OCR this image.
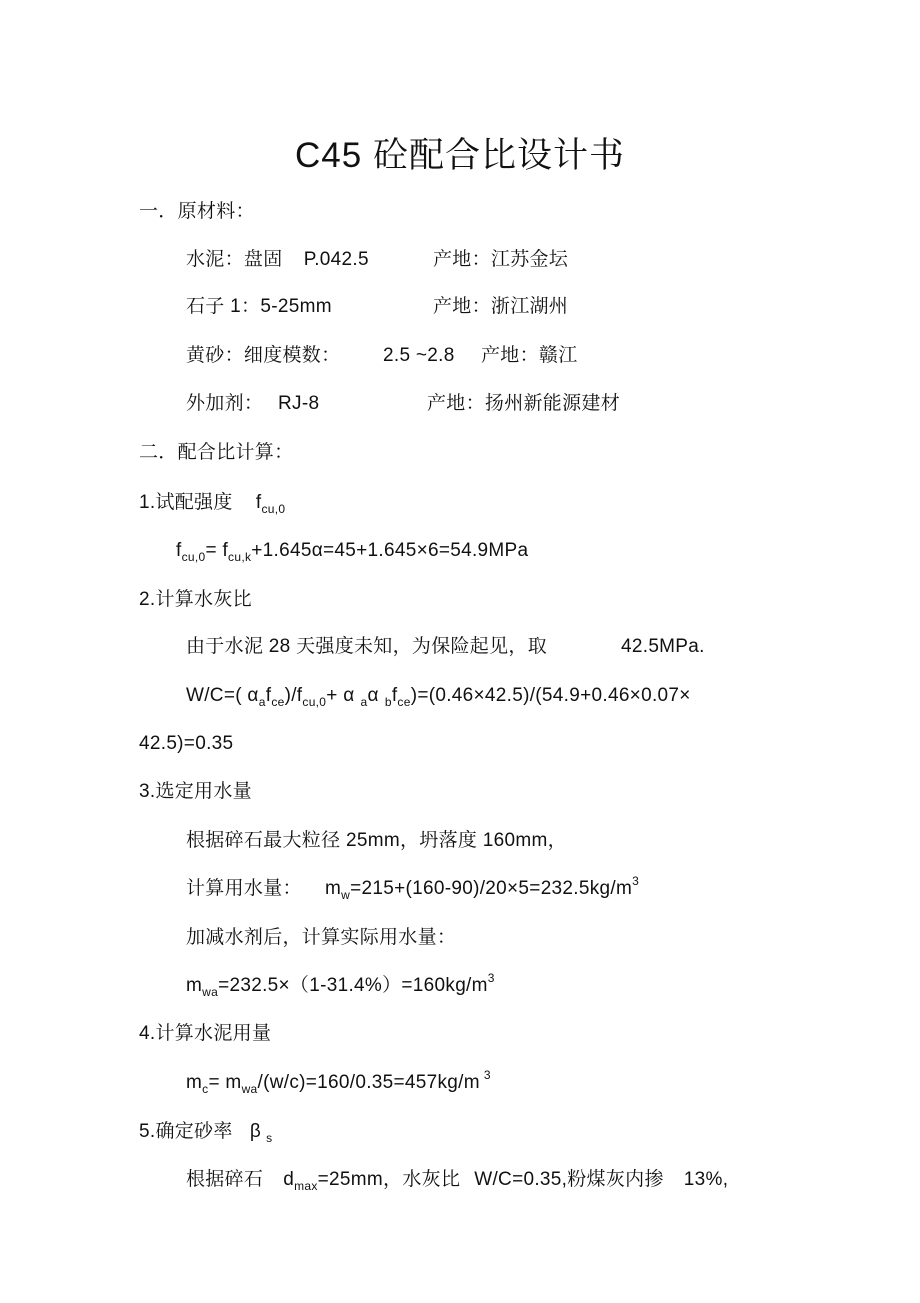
C45 砼配合比设计书
一．原材料：
水泥：盘固 P.042.5	产地：江苏金坛
石子 1：5-25mm	产地：浙江湖州
黄砂：细度模数： 2.5 ~2.8 产地：赣江
外加剂： RJ-8	产地：扬州新能源建材
二．配合比计算：
1.试配强度 $f_{cu,0}$
$f_{cu,0}= f_{cu,k}+1.645\alpha=45+1.645\times 6=54.9MPa$
2.计算水灰比
由于水泥 28 天强度未知，为保险起见，取	42.5MPa.
W/C=( $\alpha_af_{ce})/f_{cu,0}+ \alpha$ $_a$α $_bf_{ce})=(0.46\times 42.5)/(54.9+0.46\times 0.07\times$
42.5)=0.35
3.选定用水量
根据碎石最大粒径 25mm，坍落度 160mm，
计算用水量： $m_w=215+(160-90)/20\times 5=232.5kg/m^3$
加减水剂后，计算实际用水量：
$m_{wa}=232.5\times(1-31.4\%)=160kg/m^3$
4.计算水泥用量
$m_c= m_{wa}/(w/c)=160/0.35=457kg/m$ $^3$
5.确定砂率 β $_s$
根据碎石 $d_{max}=25mm$，水灰比 W/C=0.35,粉煤灰内掺 13%,
